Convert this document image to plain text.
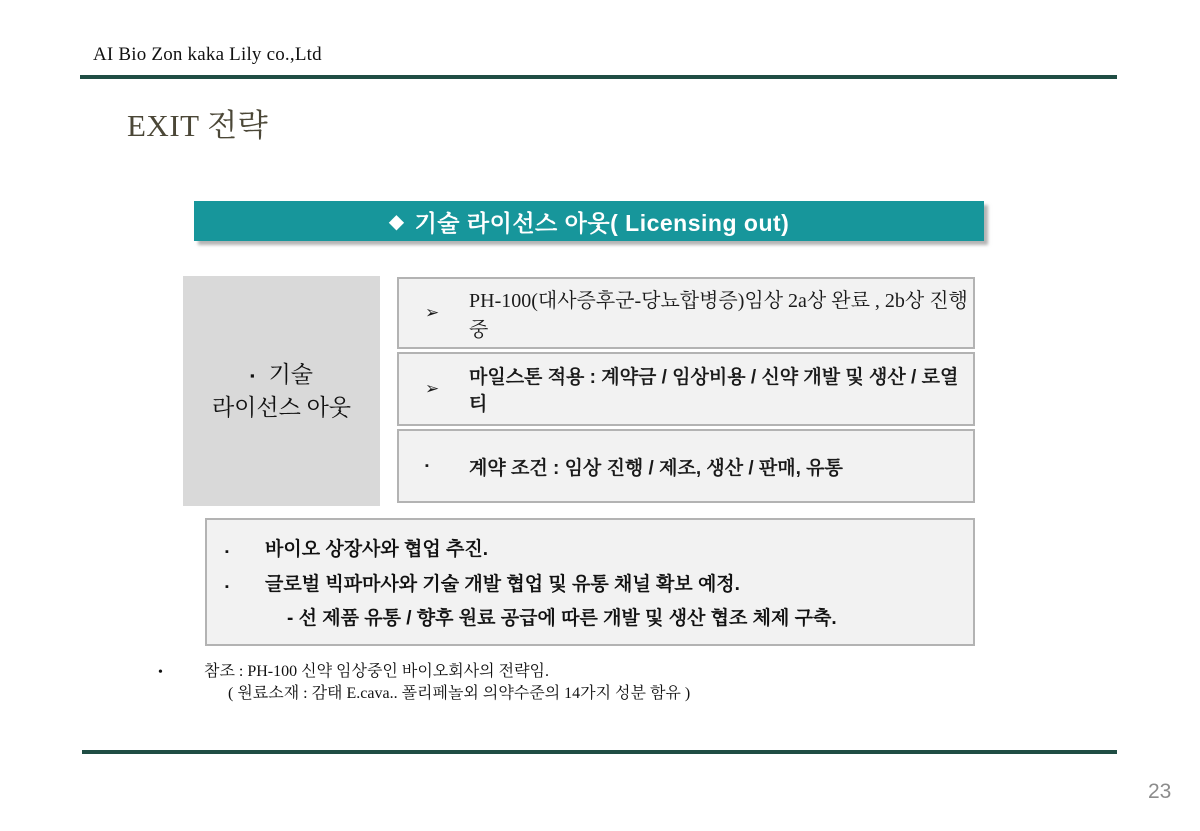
AI Bio Zon kaka Lily co.,Ltd
EXIT 전략
◆ 기술 라이선스 아웃( Licensing out)
▪ 기술
라이선스 아웃
➢
PH-100(대사증후군-당뇨합병증)임상 2a상 완료 , 2b상 진행중
➢
마일스톤 적용 : 계약금 / 임상비용 / 신약 개발 및 생산 / 로열티
▪	계약 조건 : 임상 진행 / 제조, 생산 / 판매, 유통
▪	바이오 상장사와 협업 추진.
▪	글로벌 빅파마사와 기술 개발 협업 및 유통 채널 확보 예정.
- 선 제품 유통 / 향후 원료 공급에 따른 개발 및 생산 협조 체제 구축.
•	참조 : PH-100 신약 임상중인 바이오회사의 전략임.
( 원료소재 : 감태 E.cava.. 폴리페놀외 의약수준의 14가지 성분 함유 )
23
